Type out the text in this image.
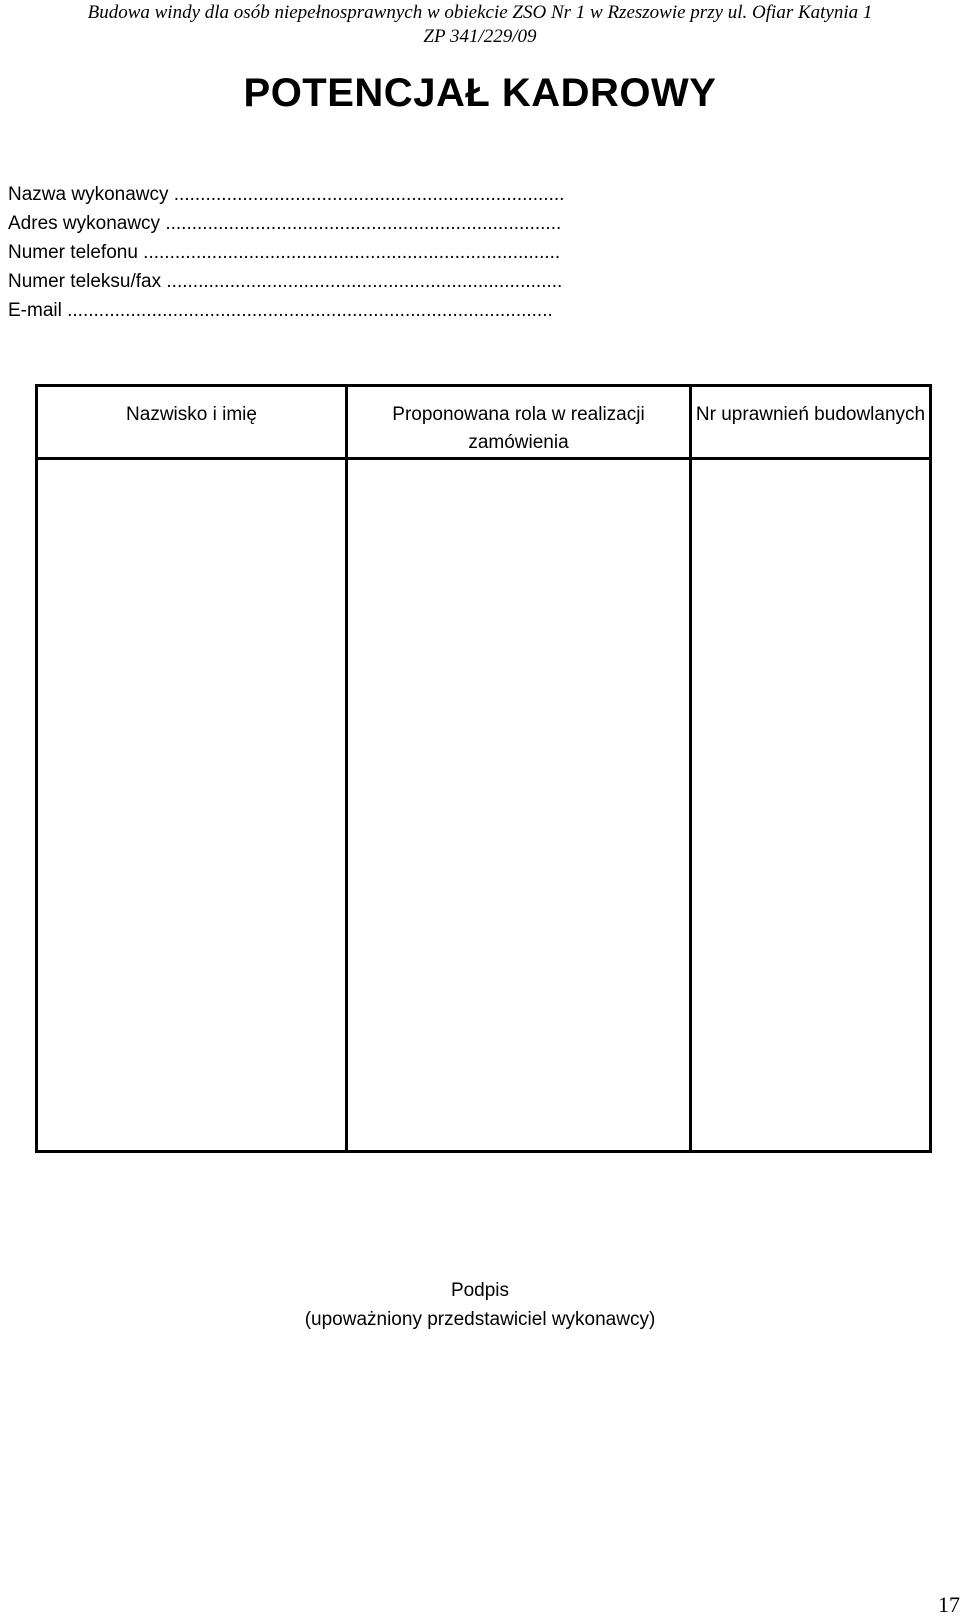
Budowa windy dla osób niepełnosprawnych w obiekcie ZSO Nr 1 w Rzeszowie przy ul. Ofiar Katynia 1
ZP 341/229/09
POTENCJAŁ KADROWY
Nazwa wykonawcy ..........................................................................
Adres wykonawcy ...........................................................................
Numer telefonu ...............................................................................
Numer teleksu/fax ...........................................................................
E-mail ............................................................................................
Nazwisko i imię	Proponowana rola w realizacji zamówienia	Nr uprawnień budowlanych

Podpis
(upoważniony przedstawiciel wykonawcy)
17
